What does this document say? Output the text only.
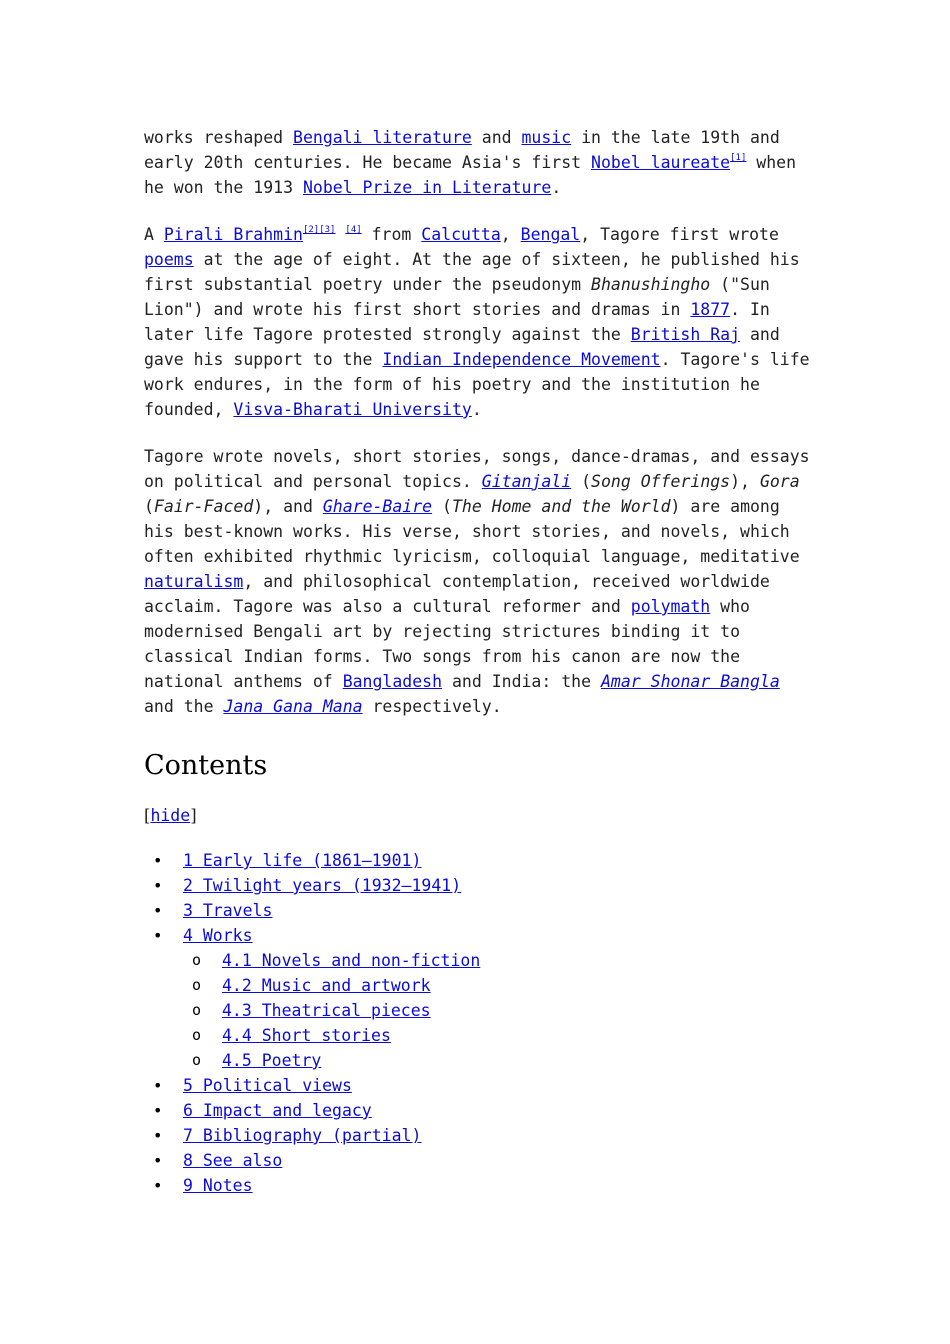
works reshaped Bengali literature and music in the late 19th and early 20th centuries. He became Asia's first Nobel laureate[1] when he won the 1913 Nobel Prize in Literature.

A Pirali Brahmin[2][3] [4] from Calcutta, Bengal, Tagore first wrote poems at the age of eight. At the age of sixteen, he published his first substantial poetry under the pseudonym Bhanushingho ("Sun Lion") and wrote his first short stories and dramas in 1877. In later life Tagore protested strongly against the British Raj and gave his support to the Indian Independence Movement. Tagore's life work endures, in the form of his poetry and the institution he founded, Visva-Bharati University.

Tagore wrote novels, short stories, songs, dance-dramas, and essays on political and personal topics. Gitanjali (Song Offerings), Gora (Fair-Faced), and Ghare-Baire (The Home and the World) are among his best-known works. His verse, short stories, and novels, which often exhibited rhythmic lyricism, colloquial language, meditative naturalism, and philosophical contemplation, received worldwide acclaim. Tagore was also a cultural reformer and polymath who modernised Bengali art by rejecting strictures binding it to classical Indian forms. Two songs from his canon are now the national anthems of Bangladesh and India: the Amar Shonar Bangla and the Jana Gana Mana respectively.

Contents
[hide]
• 1 Early life (1861–1901)
• 2 Twilight years (1932–1941)
• 3 Travels
• 4 Works
o 4.1 Novels and non-fiction
o 4.2 Music and artwork
o 4.3 Theatrical pieces
o 4.4 Short stories
o 4.5 Poetry
• 5 Political views
• 6 Impact and legacy
• 7 Bibliography (partial)
• 8 See also
• 9 Notes
